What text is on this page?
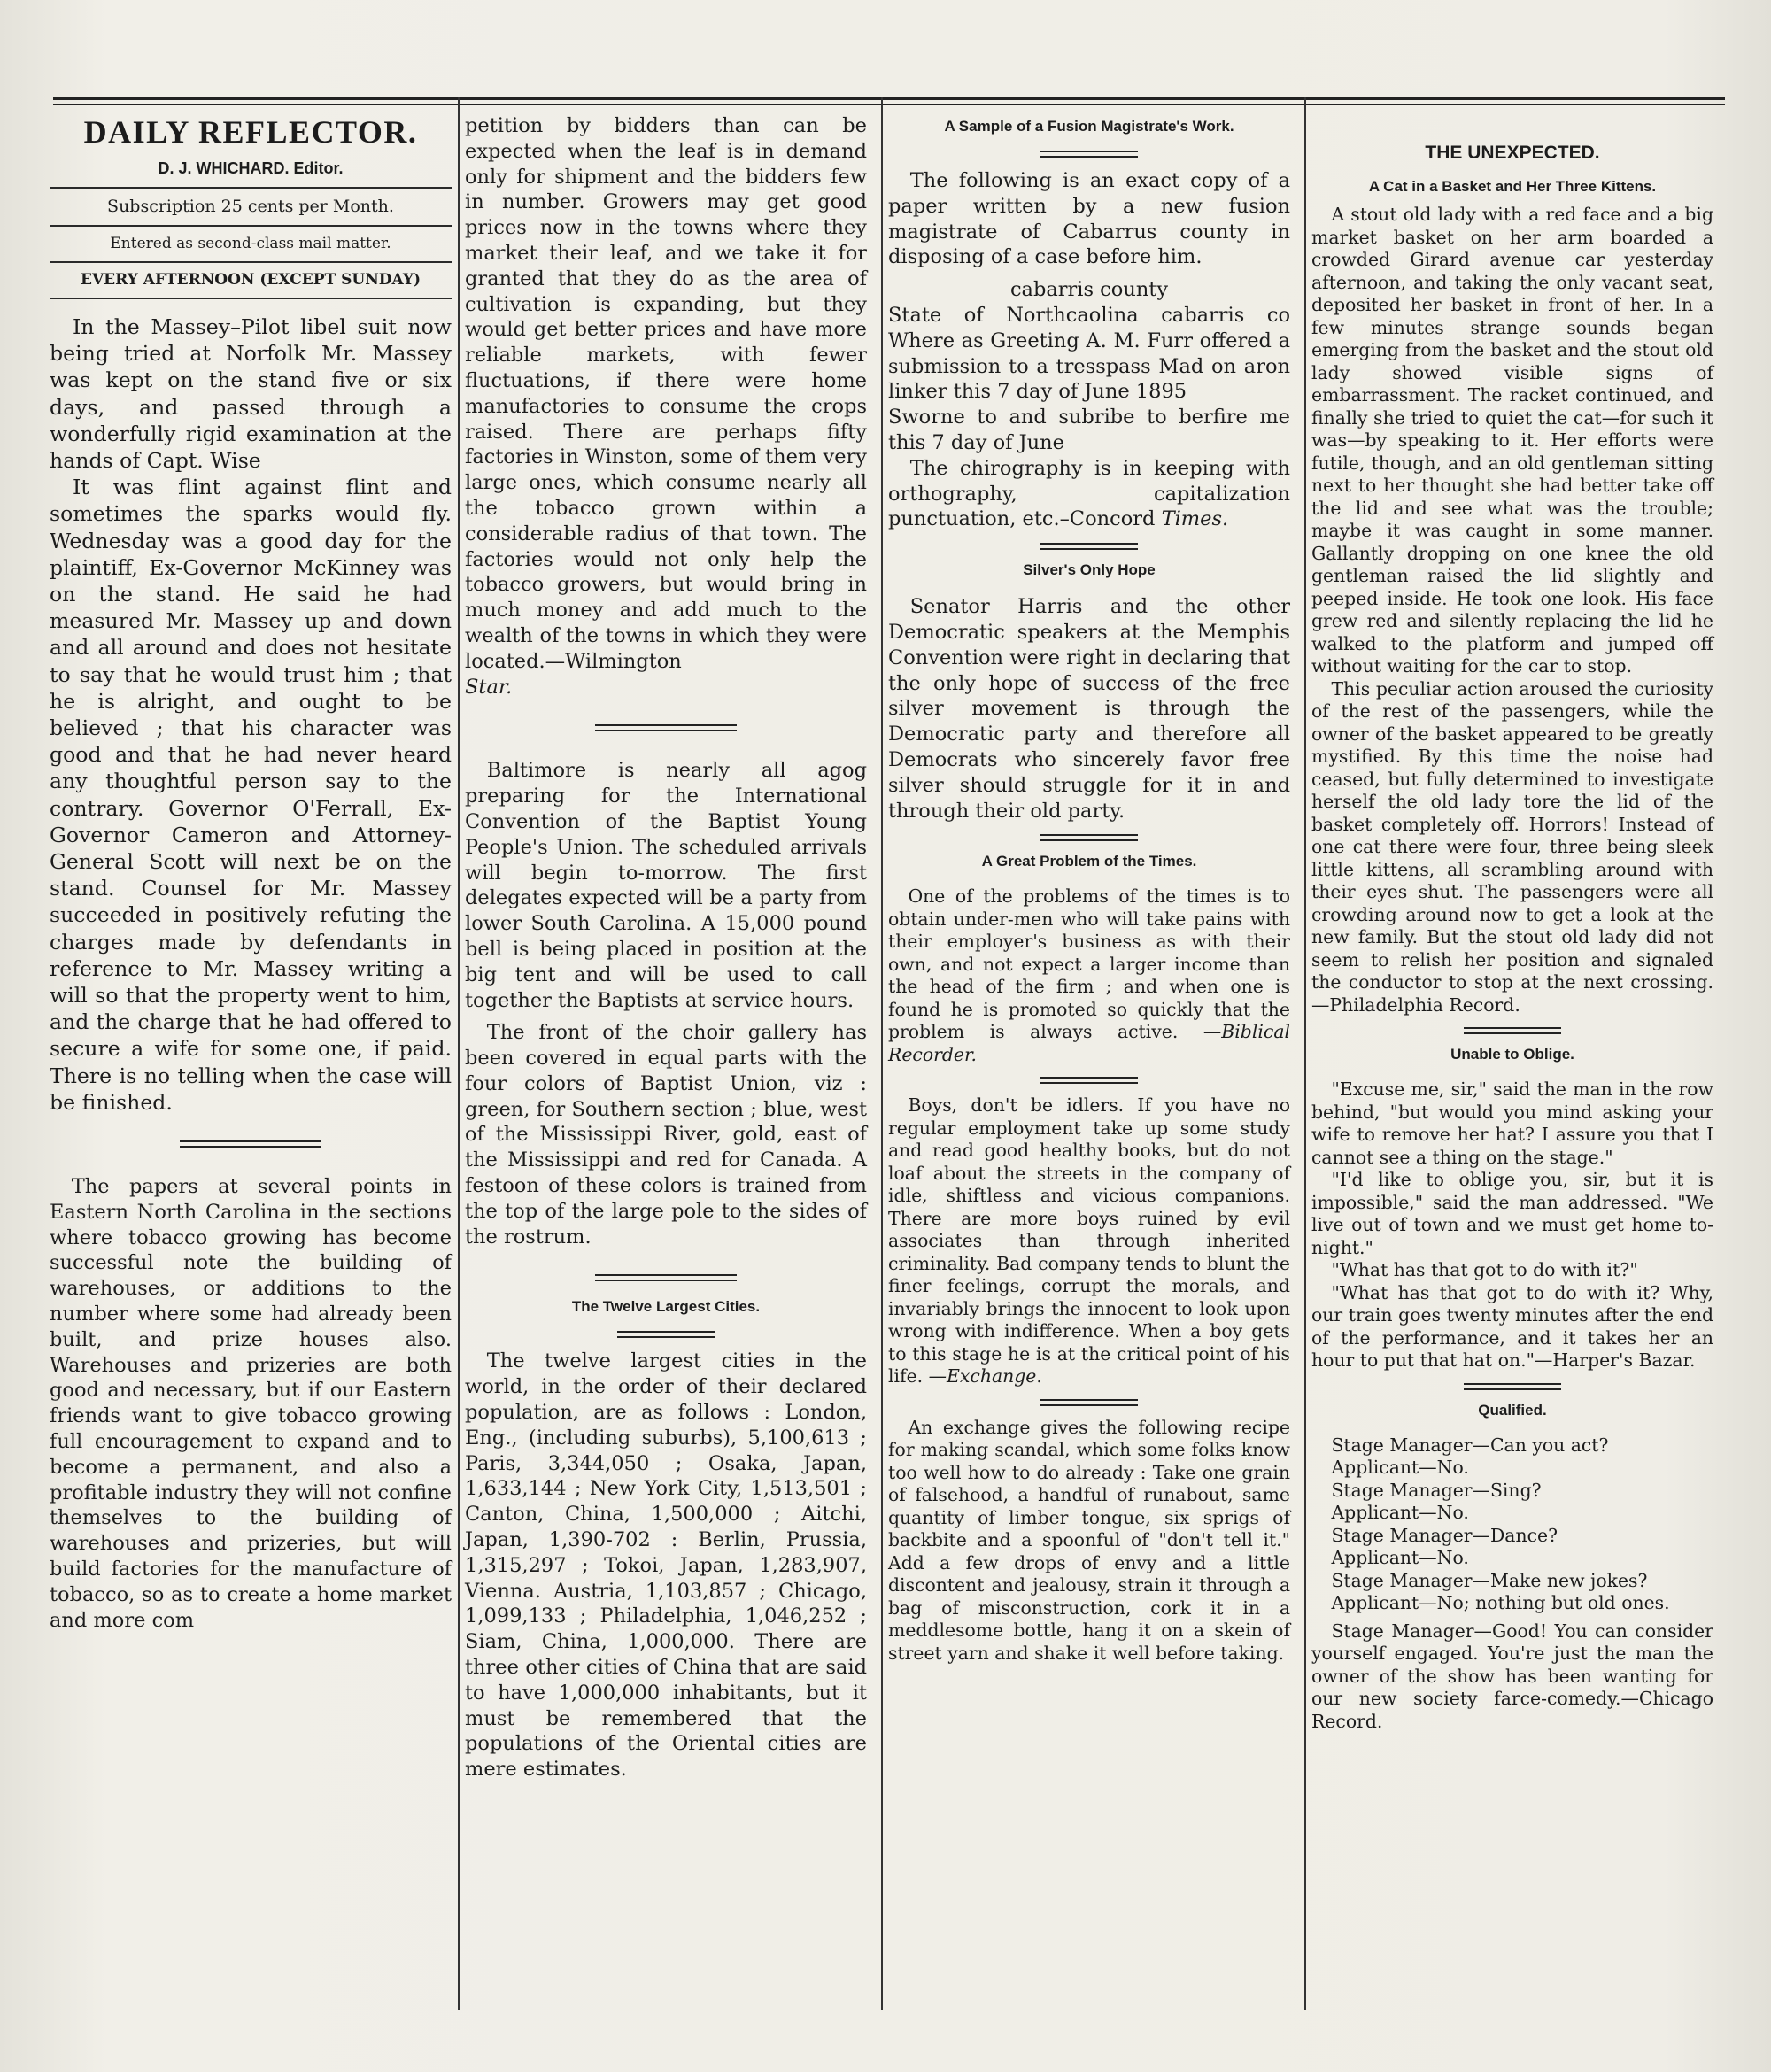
DAILY REFLECTOR.
D. J. WHICHARD. Editor.
Subscription 25 cents per Month.
Entered as second-class mail matter.
EVERY AFTERNOON (EXCEPT SUNDAY)

In the Massey–Pilot libel suit now being tried at Norfolk Mr. Massey was kept on the stand five or six days, and passed through a wonderfully rigid examination at the hands of Capt. Wise

It was flint against flint and sometimes the sparks would fly. Wednesday was a good day for the plaintiff, Ex-Governor McKinney was on the stand. He said he had measured Mr. Massey up and down and all around and does not hesitate to say that he would trust him ; that he is alright, and ought to be believed ; that his character was good and that he had never heard any thoughtful person say to the contrary. Governor O'Ferrall, Ex-Governor Cameron and Attorney-General Scott will next be on the stand. Counsel for Mr. Massey succeeded in positively refuting the charges made by defendants in reference to Mr. Massey writing a will so that the property went to him, and the charge that he had offered to secure a wife for some one, if paid. There is no telling when the case will be finished.

The papers at several points in Eastern North Carolina in the sections where tobacco growing has become successful note the building of warehouses, or additions to the number where some had already been built, and prize houses also. Warehouses and prizeries are both good and necessary, but if our Eastern friends want to give tobacco growing full encouragement to expand and to become a permanent, and also a profitable industry they will not confine themselves to the building of warehouses and prizeries, but will build factories for the manufacture of tobacco, so as to create a home market and more com

petition by bidders than can be expected when the leaf is in demand only for shipment and the bidders few in number. Growers may get good prices now in the towns where they market their leaf, and we take it for granted that they do as the area of cultivation is expanding, but they would get better prices and have more reliable markets, with fewer fluctuations, if there were home manufactories to consume the crops raised. There are perhaps fifty factories in Winston, some of them very large ones, which consume nearly all the tobacco grown within a considerable radius of that town. The factories would not only help the tobacco growers, but would bring in much money and add much to the wealth of the towns in which they were located.—Wilmington

Star.

Baltimore is nearly all agog preparing for the International Convention of the Baptist Young People's Union. The scheduled arrivals will begin to-morrow. The first delegates expected will be a party from lower South Carolina. A 15,000 pound bell is being placed in position at the big tent and will be used to call together the Baptists at service hours.

The front of the choir gallery has been covered in equal parts with the four colors of Baptist Union, viz : green, for Southern section ; blue, west of the Mississippi River, gold, east of the Mississippi and red for Canada. A festoon of these colors is trained from the top of the large pole to the sides of the rostrum.

The Twelve Largest Cities.

The twelve largest cities in the world, in the order of their declared population, are as follows : London, Eng., (including suburbs), 5,100,613 ; Paris, 3,344,050 ; Osaka, Japan, 1,633,144 ; New York City, 1,513,501 ; Canton, China, 1,500,000 ; Aitchi, Japan, 1,390-702 : Berlin, Prussia, 1,315,297 ; Tokoi, Japan, 1,283,907, Vienna. Austria, 1,103,857 ; Chicago, 1,099,133 ; Philadelphia, 1,046,252 ; Siam, China, 1,000,000. There are three other cities of China that are said to have 1,000,000 inhabitants, but it must be remembered that the populations of the Oriental cities are mere estimates.

A Sample of a Fusion Magistrate's Work.

The following is an exact copy of a paper written by a new fusion magistrate of Cabarrus county in disposing of a case before him.

cabarris county

State of Northcaolina cabarris co Where as Greeting A. M. Furr offered a submission to a tresspass Mad on aron linker this 7 day of June 1895

Sworne to and subribe to berfire me this 7 day of June

The chirography is in keeping with orthography, capitalization punctuation, etc.–Concord Times.

Silver's Only Hope

Senator Harris and the other Democratic speakers at the Memphis Convention were right in declaring that the only hope of success of the free silver movement is through the Democratic party and therefore all Democrats who sincerely favor free silver should struggle for it in and through their old party.

A Great Problem of the Times.

One of the problems of the times is to obtain under-men who will take pains with their employer's business as with their own, and not expect a larger income than the head of the firm ; and when one is found he is promoted so quickly that the problem is always active. —Biblical Recorder.

Boys, don't be idlers. If you have no regular employment take up some study and read good healthy books, but do not loaf about the streets in the company of idle, shiftless and vicious companions. There are more boys ruined by evil associates than through inherited criminality. Bad company tends to blunt the finer feelings, corrupt the morals, and invariably brings the innocent to look upon wrong with indifference. When a boy gets to this stage he is at the critical point of his life. —Exchange.

An exchange gives the following recipe for making scandal, which some folks know too well how to do already : Take one grain of falsehood, a handful of runabout, same quantity of limber tongue, six sprigs of backbite and a spoonful of "don't tell it." Add a few drops of envy and a little discontent and jealousy, strain it through a bag of misconstruction, cork it in a meddlesome bottle, hang it on a skein of street yarn and shake it well before taking.

THE UNEXPECTED.
A Cat in a Basket and Her Three Kittens.

A stout old lady with a red face and a big market basket on her arm boarded a crowded Girard avenue car yesterday afternoon, and taking the only vacant seat, deposited her basket in front of her. In a few minutes strange sounds began emerging from the basket and the stout old lady showed visible signs of embarrassment. The racket continued, and finally she tried to quiet the cat—for such it was—by speaking to it. Her efforts were futile, though, and an old gentleman sitting next to her thought she had better take off the lid and see what was the trouble; maybe it was caught in some manner. Gallantly dropping on one knee the old gentleman raised the lid slightly and peeped inside. He took one look. His face grew red and silently replacing the lid he walked to the platform and jumped off without waiting for the car to stop.

This peculiar action aroused the curiosity of the rest of the passengers, while the owner of the basket appeared to be greatly mystified. By this time the noise had ceased, but fully determined to investigate herself the old lady tore the lid of the basket completely off. Horrors! Instead of one cat there were four, three being sleek little kittens, all scrambling around with their eyes shut. The passengers were all crowding around now to get a look at the new family. But the stout old lady did not seem to relish her position and signaled the conductor to stop at the next crossing.—Philadelphia Record.

Unable to Oblige.

"Excuse me, sir," said the man in the row behind, "but would you mind asking your wife to remove her hat? I assure you that I cannot see a thing on the stage."

"I'd like to oblige you, sir, but it is impossible," said the man addressed. "We live out of town and we must get home to-night."

"What has that got to do with it?"

"What has that got to do with it? Why, our train goes twenty minutes after the end of the performance, and it takes her an hour to put that hat on."—Harper's Bazar.

Qualified.

Stage Manager—Can you act?

Applicant—No.

Stage Manager—Sing?

Applicant—No.

Stage Manager—Dance?

Applicant—No.

Stage Manager—Make new jokes?

Applicant—No; nothing but old ones.

Stage Manager—Good! You can consider yourself engaged. You're just the man the owner of the show has been wanting for our new society farce-comedy.—Chicago Record.
